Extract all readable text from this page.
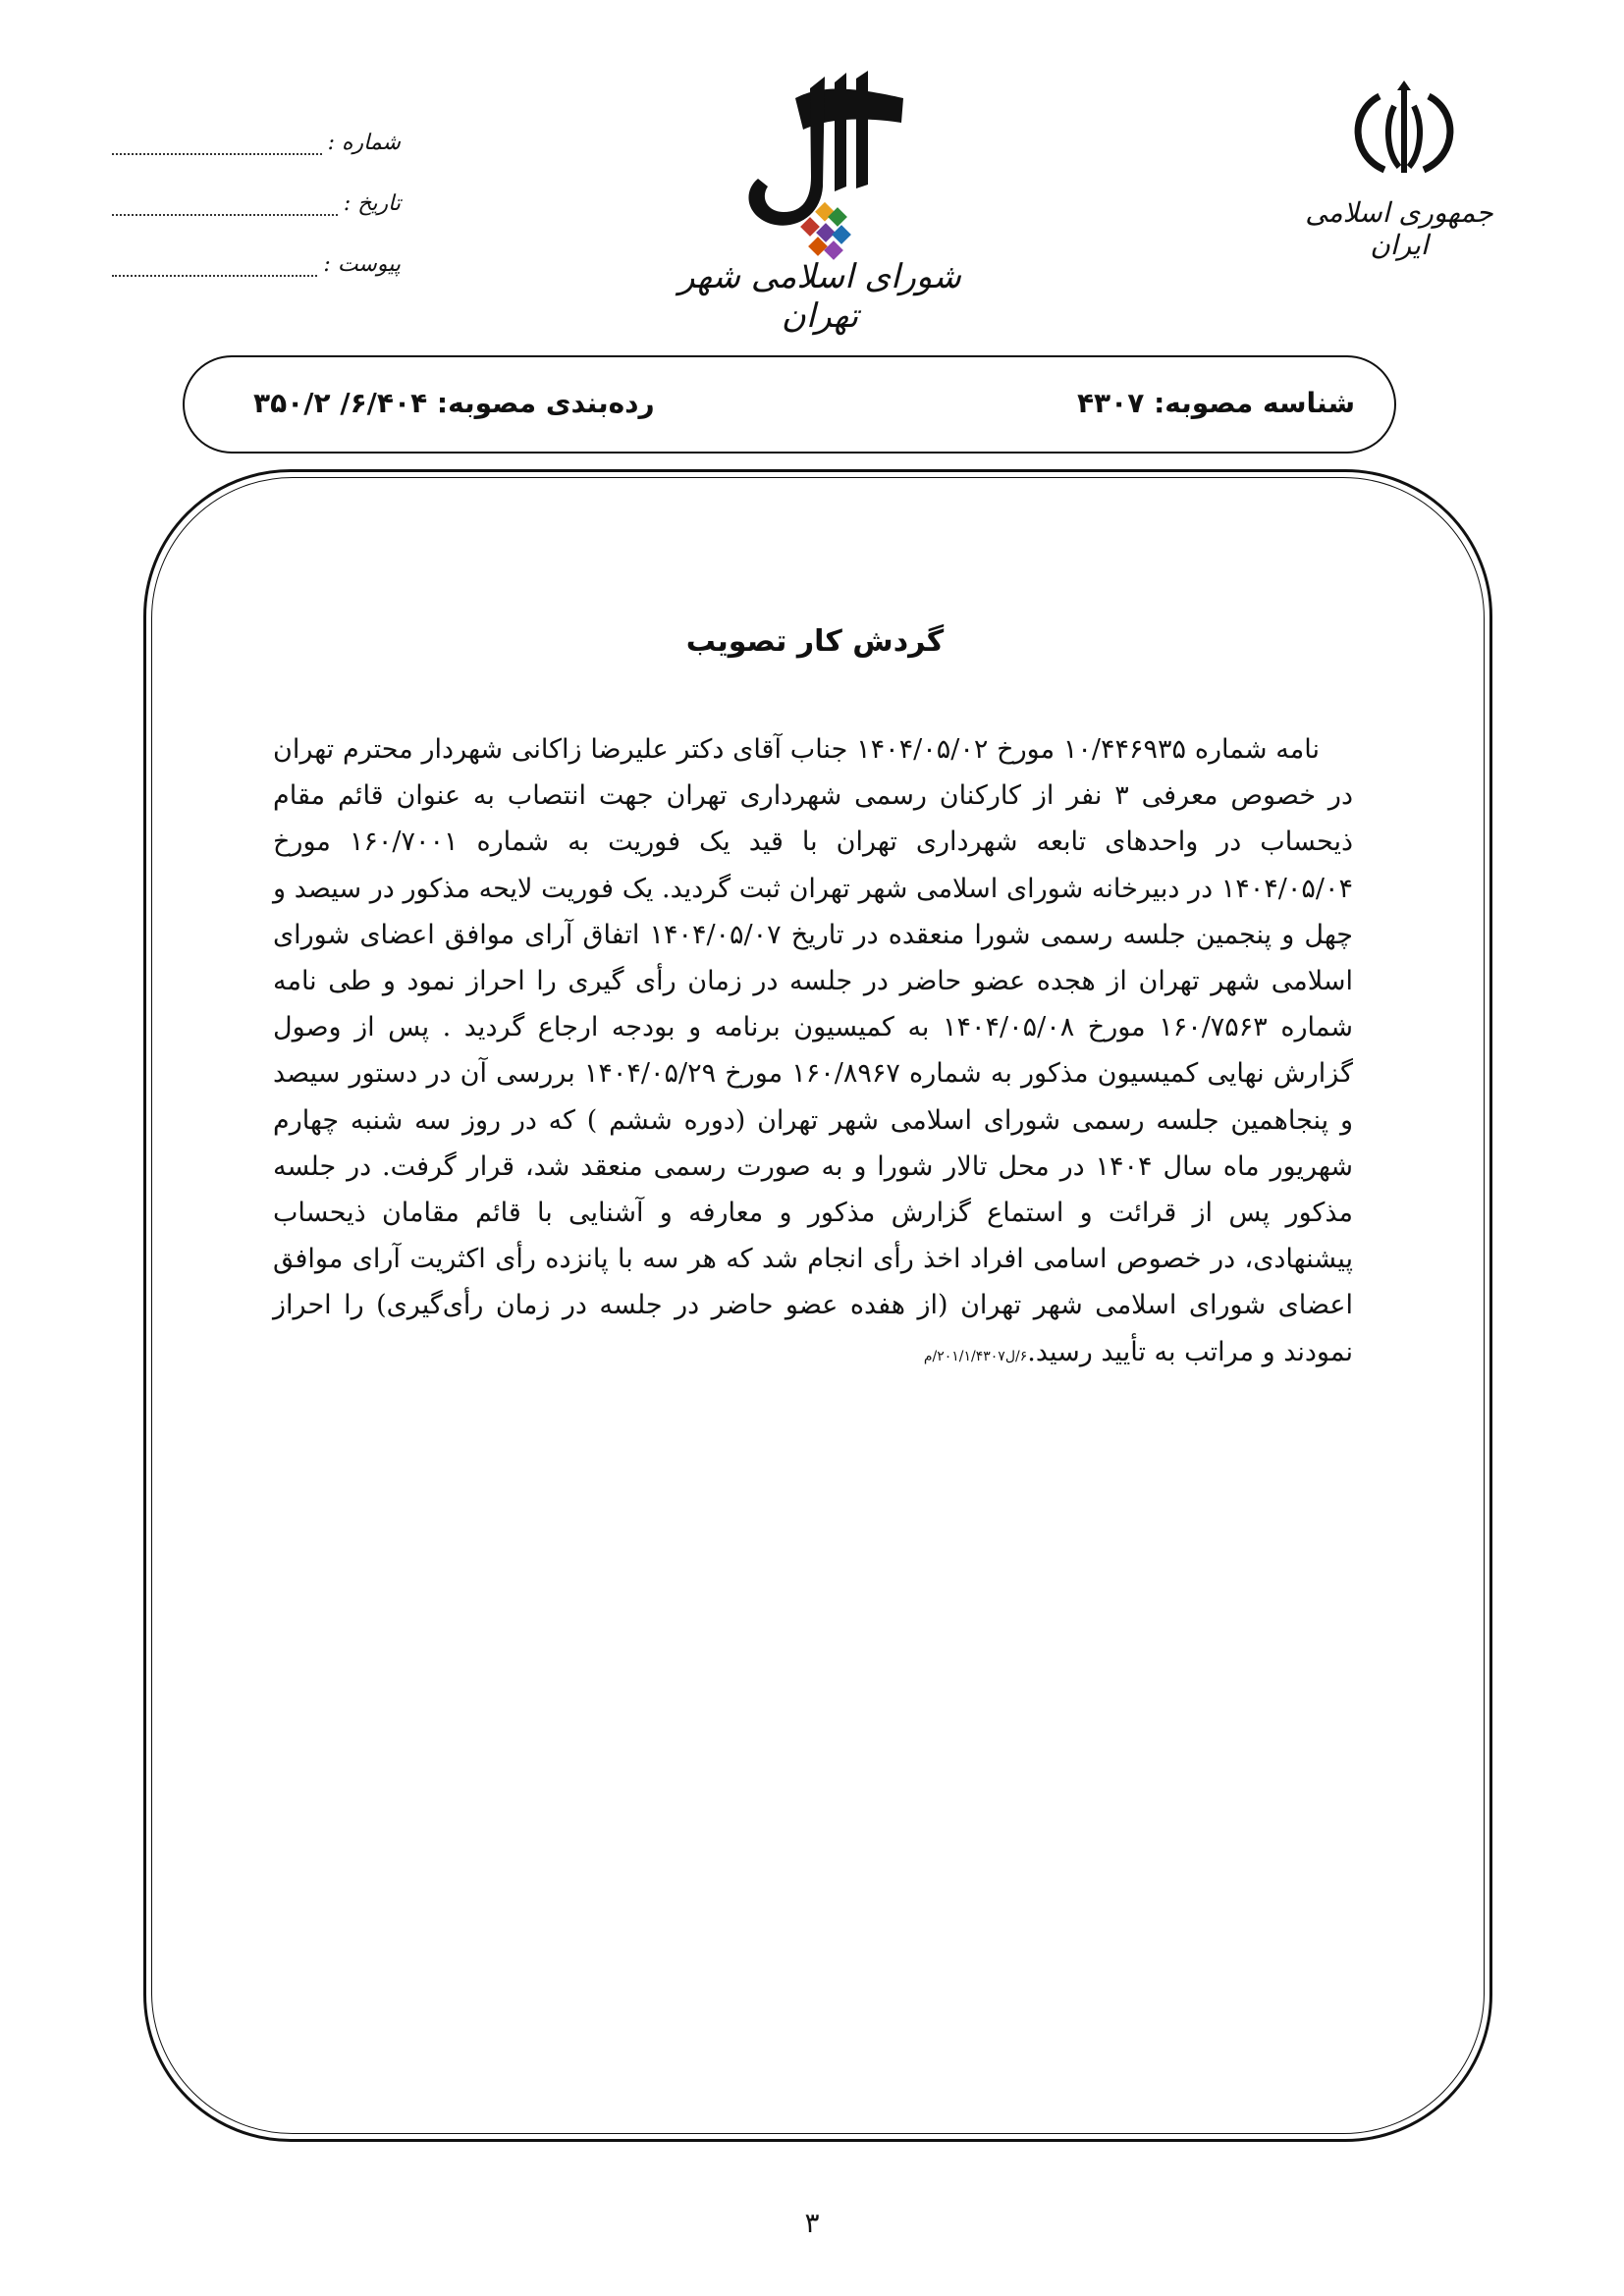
شماره :
تاریخ :
پیوست :	شورای اسلامی شهر تهران
جمهوری اسلامی ایران
شناسه مصوبه: ۴۳۰۷
رده‌بندی مصوبه: ۶/۴۰۴/ ۳۵۰/۲
گردش کار تصویب
نامه شماره ۱۰/۴۴۶۹۳۵ مورخ ۱۴۰۴/۰۵/۰۲ جناب آقای دکتر علیرضا زاکانی شهردار محترم تهران در خصوص معرفی ۳ نفر از کارکنان رسمی شهرداری تهران جهت انتصاب به عنوان قائم مقام ذیحساب در واحدهای تابعه شهرداری تهران با قید یک فوریت به شماره ۱۶۰/۷۰۰۱ مورخ ۱۴۰۴/۰۵/۰۴ در دبیرخانه شورای اسلامی شهر تهران ثبت گردید. یک فوریت لایحه مذکور در سیصد و چهل و پنجمین جلسه رسمی شورا منعقده در تاریخ ۱۴۰۴/۰۵/۰۷ اتفاق آرای موافق اعضای شورای اسلامی شهر تهران از هجده عضو حاضر در جلسه در زمان رأی گیری را احراز نمود و طی نامه شماره ۱۶۰/۷۵۶۳ مورخ ۱۴۰۴/۰۵/۰۸ به کمیسیون برنامه و بودجه ارجاع گردید . پس از وصول گزارش نهایی کمیسیون مذکور به شماره ۱۶۰/۸۹۶۷ مورخ ۱۴۰۴/۰۵/۲۹ بررسی آن در دستور سیصد و پنجاهمین جلسه رسمی شورای اسلامی شهر تهران (دوره ششم ) که در روز سه شنبه چهارم شهریور ماه سال ۱۴۰۴ در محل تالار شورا و به صورت رسمی منعقد شد، قرار گرفت. در جلسه مذکور پس از قرائت و استماع گزارش مذکور و معارفه و آشنایی با قائم مقامان ذیحساب پیشنهادی، در خصوص اسامی افراد اخذ رأی انجام شد که هر سه با پانزده رأی اکثریت آرای موافق اعضای شورای اسلامی شهر تهران (از هفده عضو حاضر در جلسه در زمان رأی‌گیری) را احراز نمودند و مراتب به تأیید رسید.۶/ل۲۰۱/۱/۴۳۰۷/م
۳
